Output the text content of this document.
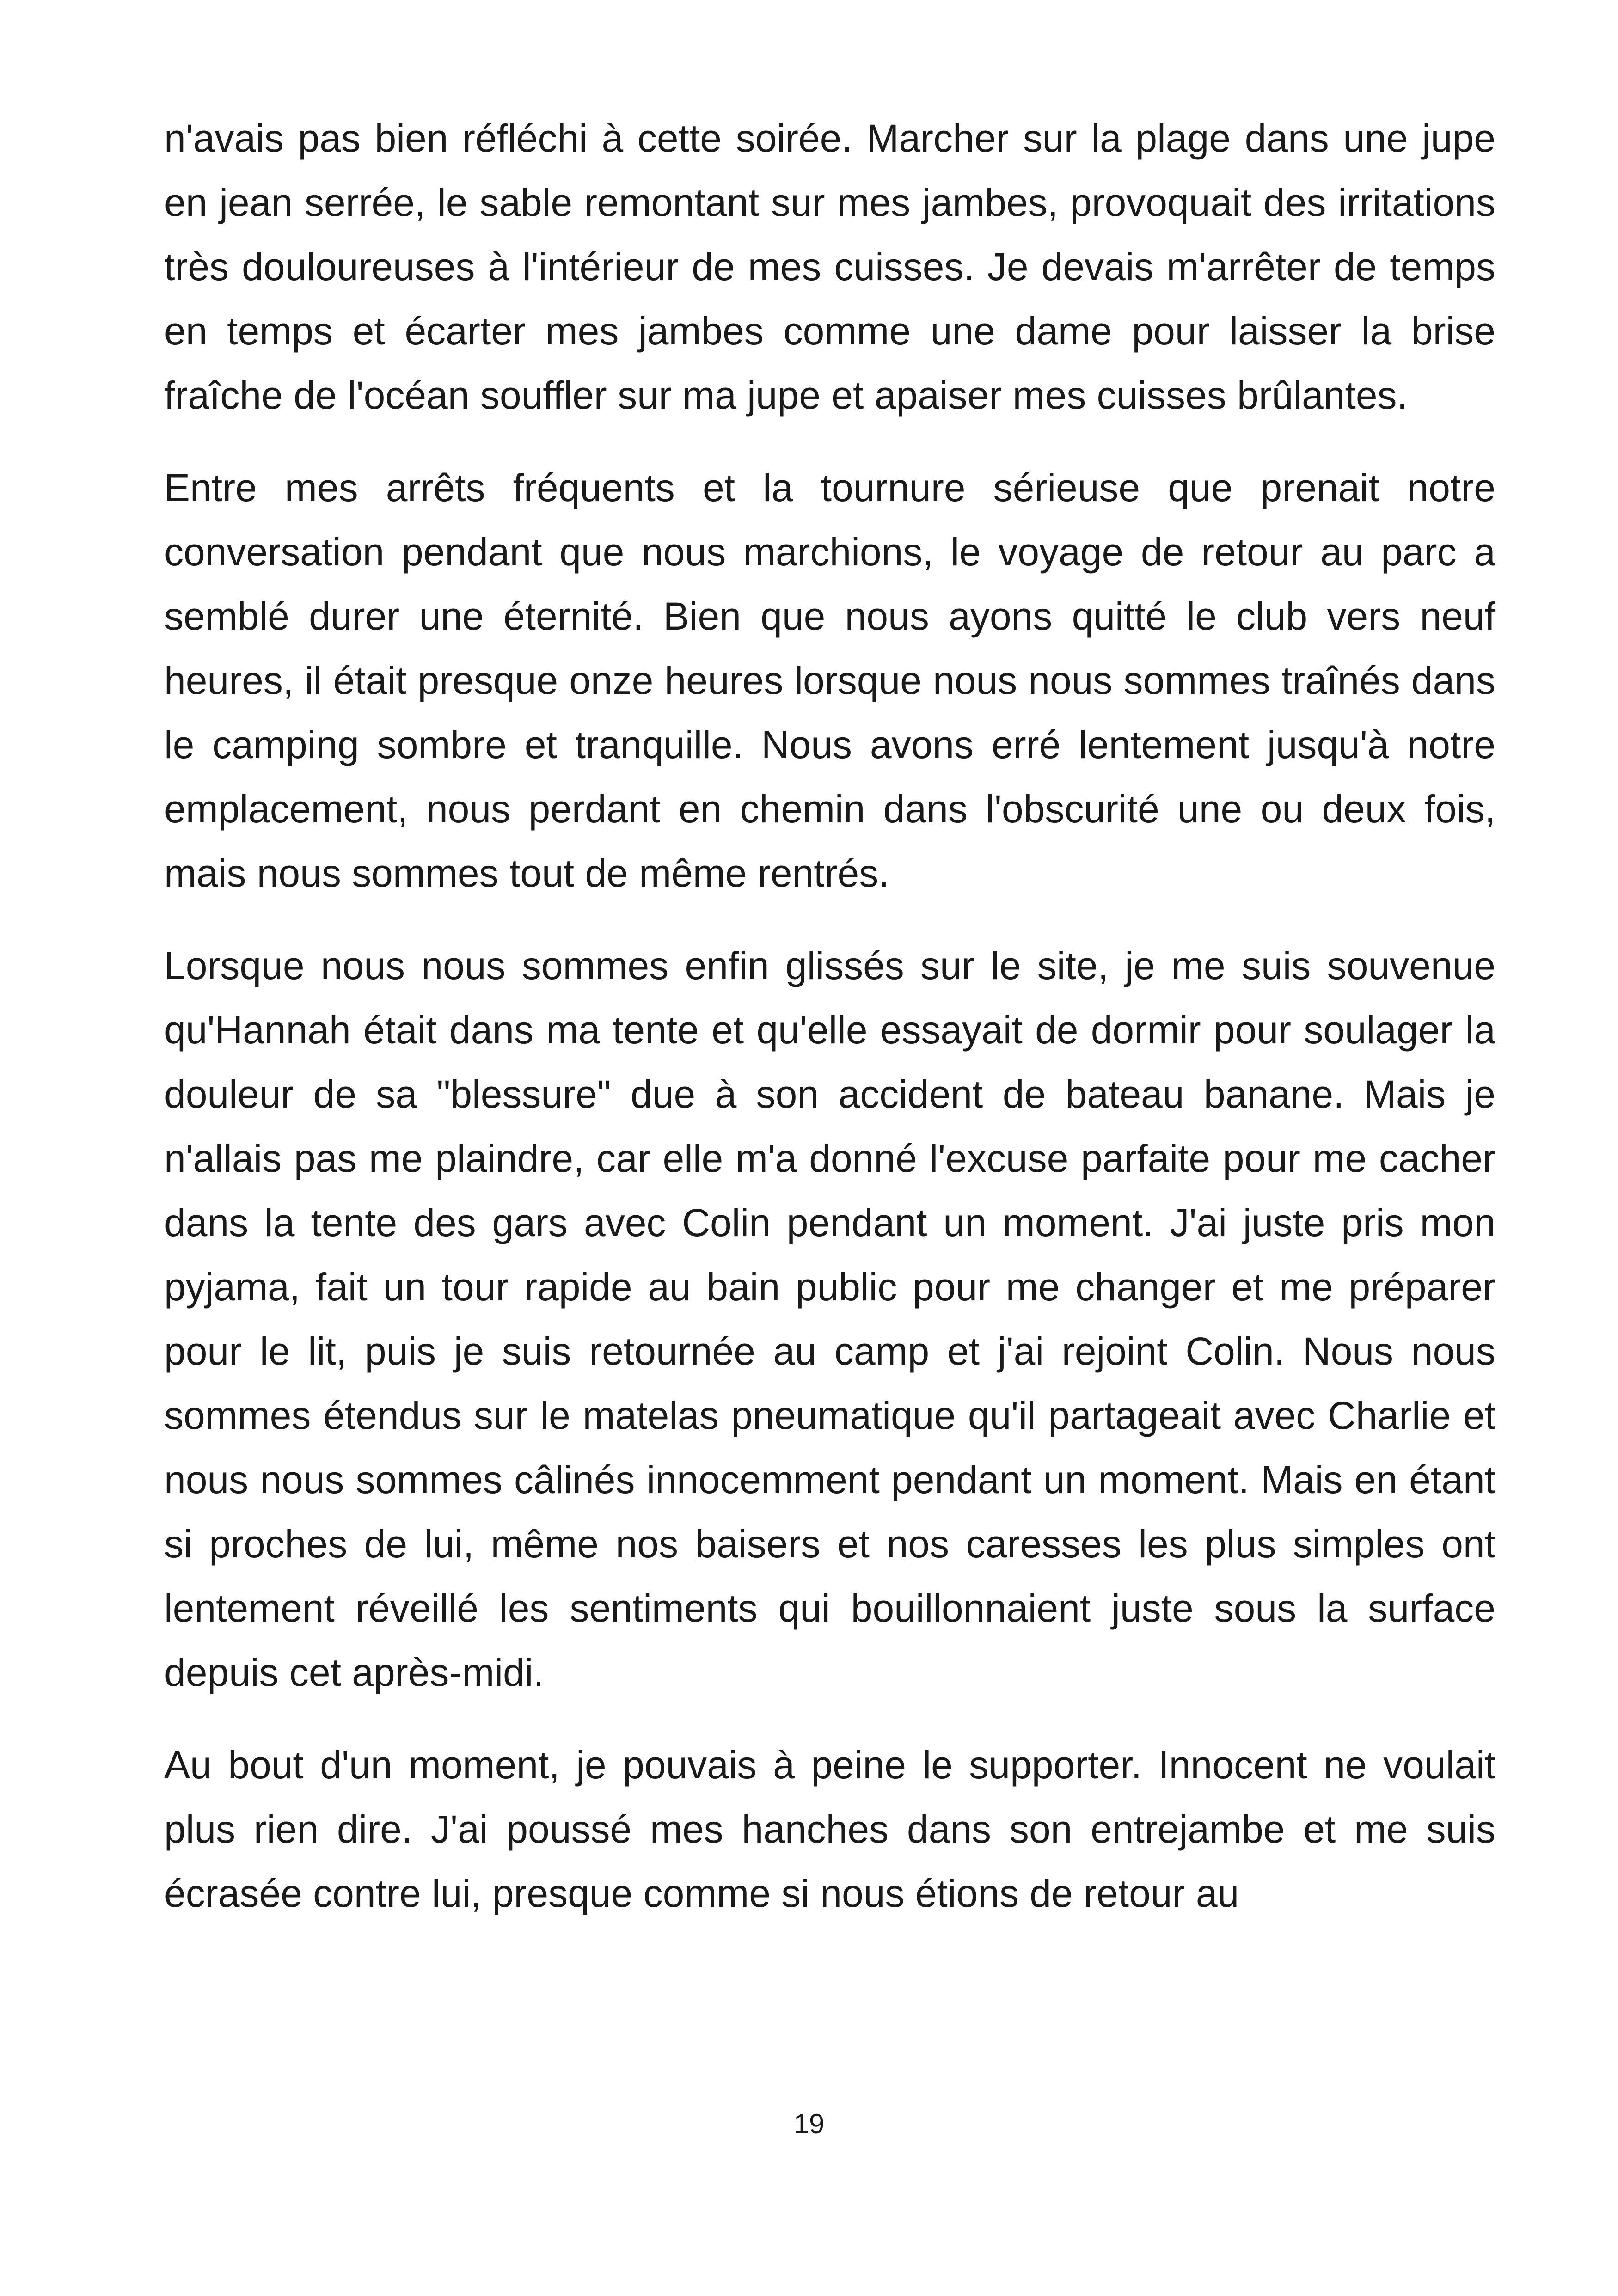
n'avais pas bien réfléchi à cette soirée. Marcher sur la plage dans une jupe en jean serrée, le sable remontant sur mes jambes, provoquait des irritations très douloureuses à l'intérieur de mes cuisses. Je devais m'arrêter de temps en temps et écarter mes jambes comme une dame pour laisser la brise fraîche de l'océan souffler sur ma jupe et apaiser mes cuisses brûlantes.

Entre mes arrêts fréquents et la tournure sérieuse que prenait notre conversation pendant que nous marchions, le voyage de retour au parc a semblé durer une éternité. Bien que nous ayons quitté le club vers neuf heures, il était presque onze heures lorsque nous nous sommes traînés dans le camping sombre et tranquille. Nous avons erré lentement jusqu'à notre emplacement, nous perdant en chemin dans l'obscurité une ou deux fois, mais nous sommes tout de même rentrés.

Lorsque nous nous sommes enfin glissés sur le site, je me suis souvenue qu'Hannah était dans ma tente et qu'elle essayait de dormir pour soulager la douleur de sa "blessure" due à son accident de bateau banane. Mais je n'allais pas me plaindre, car elle m'a donné l'excuse parfaite pour me cacher dans la tente des gars avec Colin pendant un moment. J'ai juste pris mon pyjama, fait un tour rapide au bain public pour me changer et me préparer pour le lit, puis je suis retournée au camp et j'ai rejoint Colin. Nous nous sommes étendus sur le matelas pneumatique qu'il partageait avec Charlie et nous nous sommes câlinés innocemment pendant un moment. Mais en étant si proches de lui, même nos baisers et nos caresses les plus simples ont lentement réveillé les sentiments qui bouillonnaient juste sous la surface depuis cet après-midi.

Au bout d'un moment, je pouvais à peine le supporter. Innocent ne voulait plus rien dire. J'ai poussé mes hanches dans son entrejambe et me suis écrasée contre lui, presque comme si nous étions de retour au

19
